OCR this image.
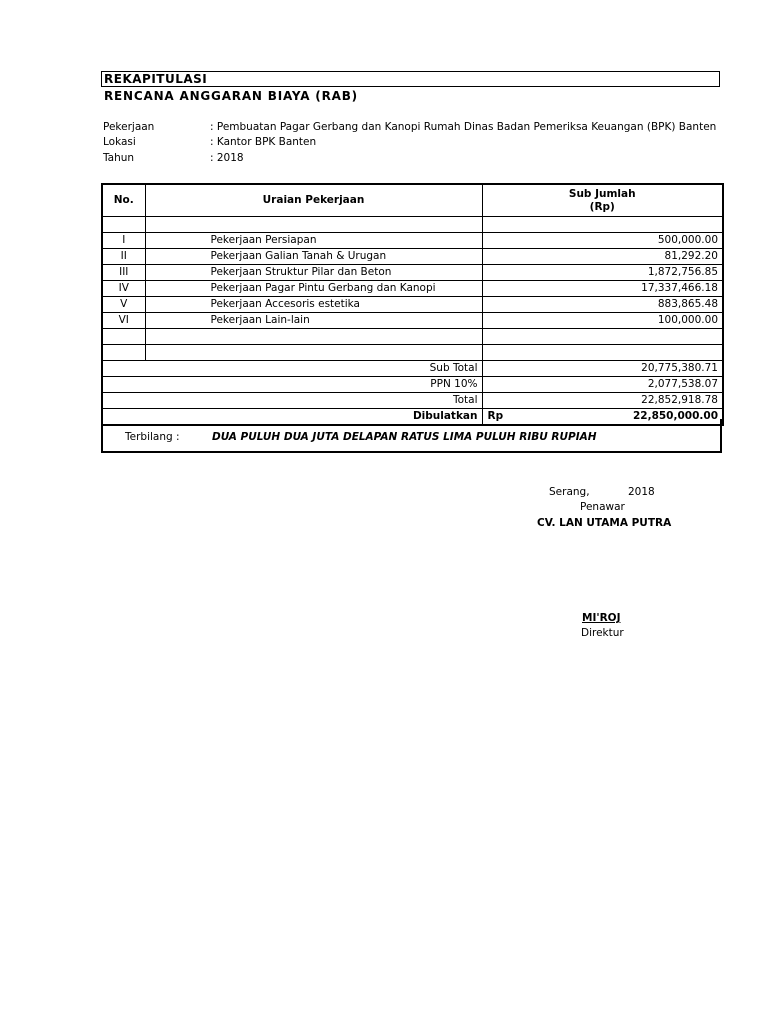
REKAPITULASI
RENCANA ANGGARAN BIAYA (RAB)
Pekerjaan	: Pembuatan Pagar Gerbang dan Kanopi Rumah Dinas Badan Pemeriksa Keuangan (BPK) Banten
Lokasi	: Kantor BPK Banten
Tahun	: 2018
No.	Uraian Pekerjaan	Sub Jumlah
(Rp)

I	Pekerjaan Persiapan	500,000.00
II	Pekerjaan Galian Tanah & Urugan	81,292.20
III	Pekerjaan Struktur Pilar dan Beton	1,872,756.85
IV	Pekerjaan Pagar Pintu Gerbang dan Kanopi	17,337,466.18
V	Pekerjaan Accesoris estetika	883,865.48
VI	Pekerjaan Lain-lain	100,000.00

Sub Total		20,775,380.71
PPN 10%		2,077,538.07
Total		22,852,918.78
Dibulatkan		Rp 22,850,000.00
Terbilang :	DUA PULUH DUA JUTA DELAPAN RATUS LIMA PULUH RIBU RUPIAH
Serang,	2018
Penawar
CV. LAN UTAMA PUTRA
MI'ROJ
Direktur
